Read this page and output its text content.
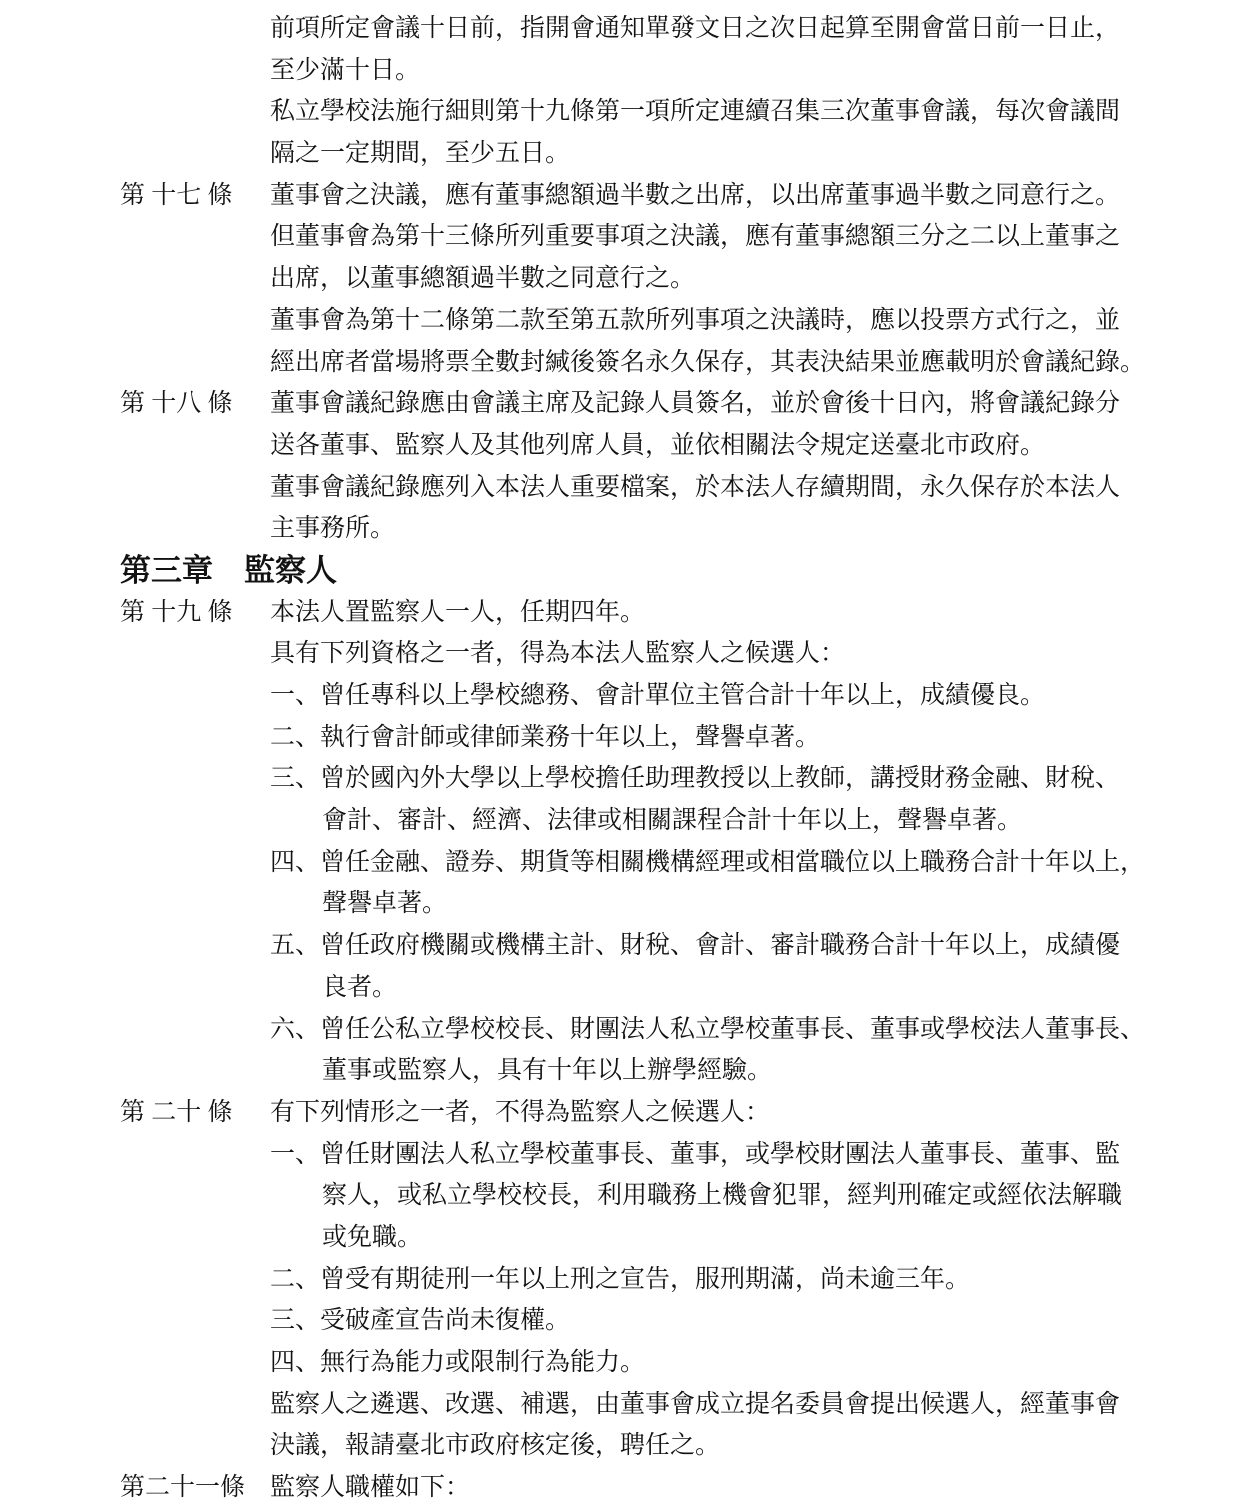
前項所定會議十日前，指開會通知單發文日之次日起算至開會當日前一日止，
至少滿十日。
私立學校法施行細則第十九條第一項所定連續召集三次董事會議，每次會議間
隔之一定期間，至少五日。
第 十七 條	董事會之決議，應有董事總額過半數之出席，以出席董事過半數之同意行之。
但董事會為第十三條所列重要事項之決議，應有董事總額三分之二以上董事之
出席，以董事總額過半數之同意行之。
董事會為第十二條第二款至第五款所列事項之決議時，應以投票方式行之，並
經出席者當場將票全數封緘後簽名永久保存，其表決結果並應載明於會議紀錄。
第 十八 條	董事會議紀錄應由會議主席及記錄人員簽名，並於會後十日內，將會議紀錄分
送各董事、監察人及其他列席人員，並依相關法令規定送臺北市政府。
董事會議紀錄應列入本法人重要檔案，於本法人存續期間，永久保存於本法人
主事務所。
第三章　監察人
第 十九 條	本法人置監察人一人，任期四年。
具有下列資格之一者，得為本法人監察人之候選人：
一、曾任專科以上學校總務、會計單位主管合計十年以上，成績優良。
二、執行會計師或律師業務十年以上，聲譽卓著。
三、曾於國內外大學以上學校擔任助理教授以上教師，講授財務金融、財稅、
會計、審計、經濟、法律或相關課程合計十年以上，聲譽卓著。
四、曾任金融、證券、期貨等相關機構經理或相當職位以上職務合計十年以上，
聲譽卓著。
五、曾任政府機關或機構主計、財稅、會計、審計職務合計十年以上，成績優
良者。
六、曾任公私立學校校長、財團法人私立學校董事長、董事或學校法人董事長、
董事或監察人，具有十年以上辦學經驗。
第 二十 條	有下列情形之一者，不得為監察人之候選人：
一、曾任財團法人私立學校董事長、董事，或學校財團法人董事長、董事、監
察人，或私立學校校長，利用職務上機會犯罪，經判刑確定或經依法解職
或免職。
二、曾受有期徒刑一年以上刑之宣告，服刑期滿，尚未逾三年。
三、受破產宣告尚未復權。
四、無行為能力或限制行為能力。
監察人之遴選、改選、補選，由董事會成立提名委員會提出候選人，經董事會
決議，報請臺北市政府核定後，聘任之。
第二十一條 監察人職權如下：
